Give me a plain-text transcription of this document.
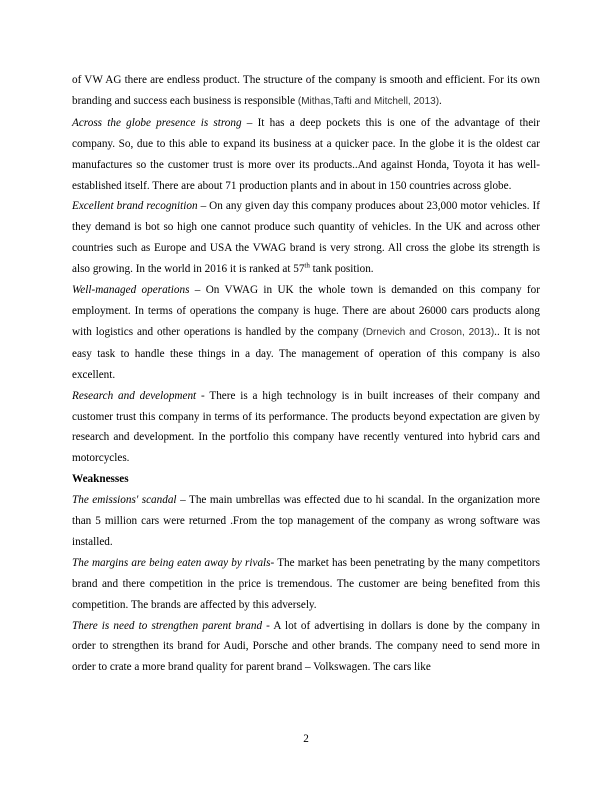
of VW AG there are endless product. The structure of the company is smooth and efficient. For its own branding and success each business is responsible (Mithas,Tafti and Mitchell, 2013).

Across the globe presence is strong – It has a deep pockets this is one of the advantage of their company. So, due to this able to expand its business at a quicker pace. In the globe it is the oldest car manufactures so the customer trust is more over its products..And against Honda, Toyota it has well-established itself. There are about 71 production plants and in about in 150 countries across globe.

Excellent brand recognition – On any given day this company produces about 23,000 motor vehicles. If they demand is bot so high one cannot produce such quantity of vehicles. In the UK and across other countries such as Europe and USA the VWAG brand is very strong. All cross the globe its strength is also growing. In the world in 2016 it is ranked at 57th tank position.

Well-managed operations – On VWAG in UK the whole town is demanded on this company for employment. In terms of operations the company is huge. There are about 26000 cars products along with logistics and other operations is handled by the company (Drnevich and Croson, 2013).. It is not easy task to handle these things in a day. The management of operation of this company is also excellent.

Research and development - There is a high technology is in built increases of their company and customer trust this company in terms of its performance. The products beyond expectation are given by research and development. In the portfolio this company have recently ventured into hybrid cars and motorcycles.

Weaknesses

The emissions' scandal – The main umbrellas was effected due to hi scandal. In the organization more than 5 million cars were returned .From the top management of the company as wrong software was installed.

The margins are being eaten away by rivals- The market has been penetrating by the many competitors brand and there competition in the price is tremendous. The customer are being benefited from this competition. The brands are affected by this adversely.

There is need to strengthen parent brand - A lot of advertising in dollars is done by the company in order to strengthen its brand for Audi, Porsche and other brands. The company need to send more in order to crate a more brand quality for parent brand – Volkswagen. The cars like

2
